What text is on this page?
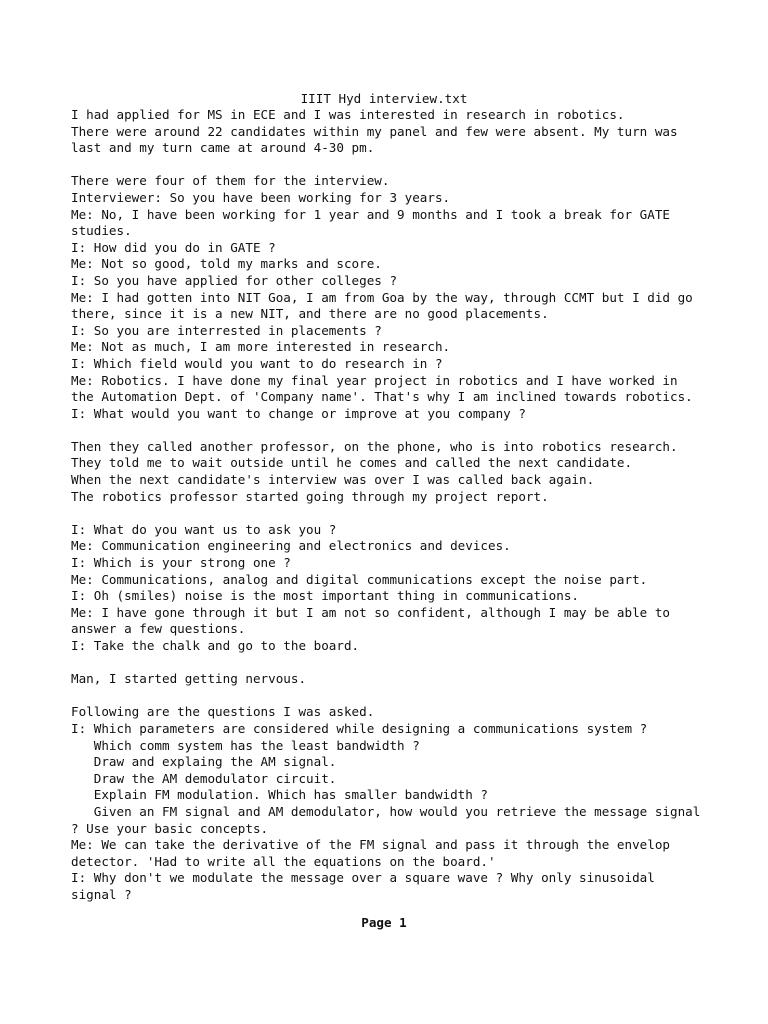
IIIT Hyd interview.txt
I had applied for MS in ECE and I was interested in research in robotics.
There were around 22 candidates within my panel and few were absent. My turn was
last and my turn came at around 4-30 pm.
There were four of them for the interview.
Interviewer: So you have been working for 3 years.
Me: No, I have been working for 1 year and 9 months and I took a break for GATE
studies.
I: How did you do in GATE ?
Me: Not so good, told my marks and score.
I: So you have applied for other colleges ?
Me: I had gotten into NIT Goa, I am from Goa by the way, through CCMT but I did go
there, since it is a new NIT, and there are no good placements.
I: So you are interrested in placements ?
Me: Not as much, I am more interested in research.
I: Which field would you want to do research in ?
Me: Robotics. I have done my final year project in robotics and I have worked in
the Automation Dept. of 'Company name'. That's why I am inclined towards robotics.
I: What would you want to change or improve at you company ?
Then they called another professor, on the phone, who is into robotics research.
They told me to wait outside until he comes and called the next candidate.
When the next candidate's interview was over I was called back again.
The robotics professor started going through my project report.
I: What do you want us to ask you ?
Me: Communication engineering and electronics and devices.
I: Which is your strong one ?
Me: Communications, analog and digital communications except the noise part.
I: Oh (smiles) noise is the most important thing in communications.
Me: I have gone through it but I am not so confident, although I may be able to
answer a few questions.
I: Take the chalk and go to the board.
Man, I started getting nervous.
Following are the questions I was asked.
I: Which parameters are considered while designing a communications system ?
Which comm system has the least bandwidth ?
Draw and explaing the AM signal.
Draw the AM demodulator circuit.
Explain FM modulation. Which has smaller bandwidth ?
Given an FM signal and AM demodulator, how would you retrieve the message signal
? Use your basic concepts.
Me: We can take the derivative of the FM signal and pass it through the envelop
detector. 'Had to write all the equations on the board.'
I: Why don't we modulate the message over a square wave ? Why only sinusoidal
signal ?
Page 1
